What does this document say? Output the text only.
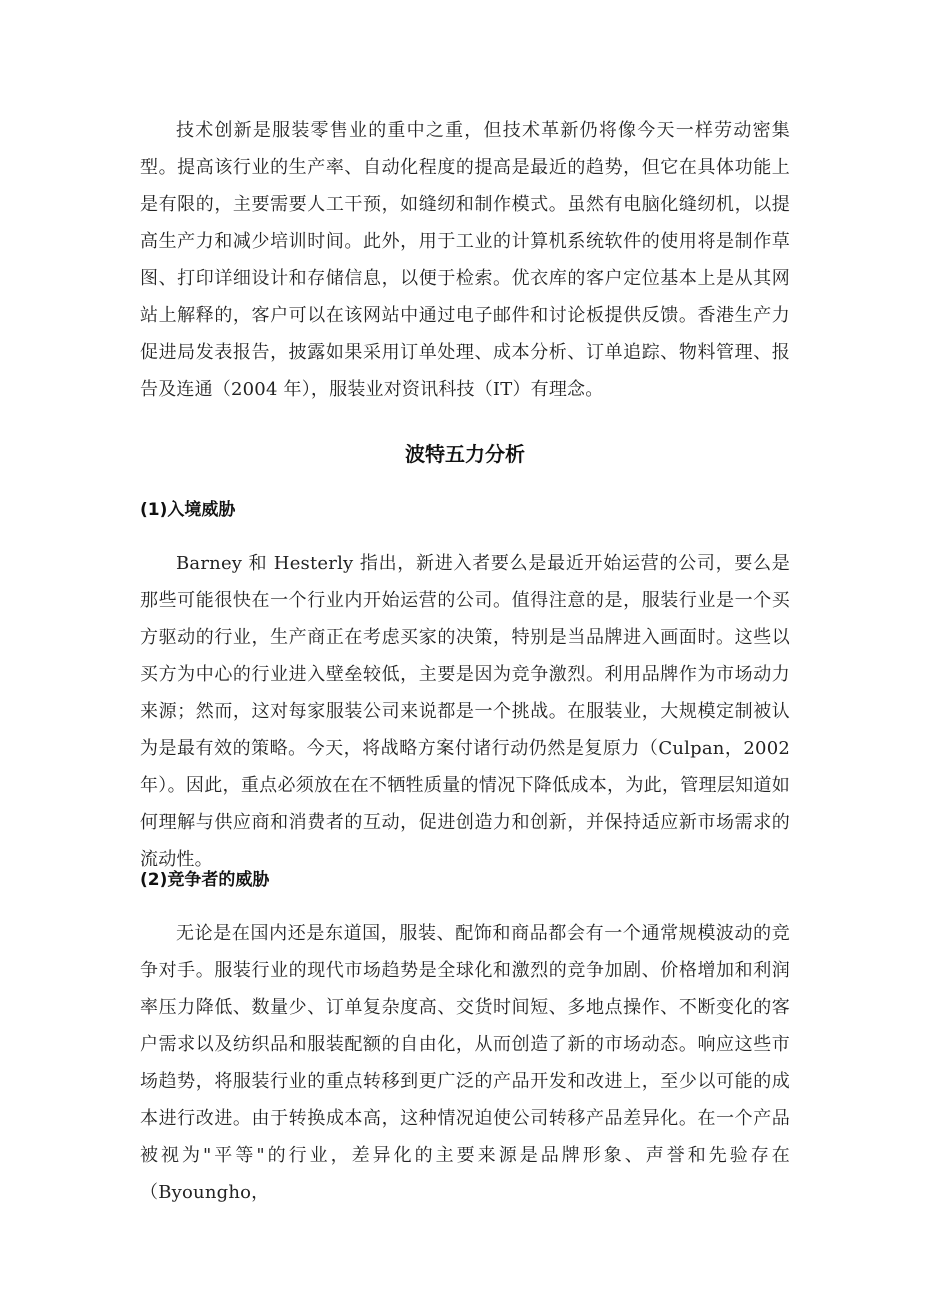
技术创新是服装零售业的重中之重，但技术革新仍将像今天一样劳动密集型。提高该行业的生产率、自动化程度的提高是最近的趋势，但它在具体功能上是有限的，主要需要人工干预，如缝纫和制作模式。虽然有电脑化缝纫机，以提高生产力和减少培训时间。此外，用于工业的计算机系统软件的使用将是制作草图、打印详细设计和存储信息，以便于检索。优衣库的客户定位基本上是从其网站上解释的，客户可以在该网站中通过电子邮件和讨论板提供反馈。香港生产力促进局发表报告，披露如果采用订单处理、成本分析、订单追踪、物料管理、报告及连通（2004 年），服装业对资讯科技（IT）有理念。

波特五力分析
(1)入境威胁

Barney 和 Hesterly 指出，新进入者要么是最近开始运营的公司，要么是那些可能很快在一个行业内开始运营的公司。值得注意的是，服装行业是一个买方驱动的行业，生产商正在考虑买家的决策，特别是当品牌进入画面时。这些以买方为中心的行业进入壁垒较低，主要是因为竞争激烈。利用品牌作为市场动力来源；然而，这对每家服装公司来说都是一个挑战。在服装业，大规模定制被认为是最有效的策略。今天，将战略方案付诸行动仍然是复原力（Culpan，2002 年）。因此，重点必须放在在不牺牲质量的情况下降低成本，为此，管理层知道如何理解与供应商和消费者的互动，促进创造力和创新，并保持适应新市场需求的流动性。

(2)竞争者的威胁

无论是在国内还是东道国，服装、配饰和商品都会有一个通常规模波动的竞争对手。服装行业的现代市场趋势是全球化和激烈的竞争加剧、价格增加和利润率压力降低、数量少、订单复杂度高、交货时间短、多地点操作、不断变化的客户需求以及纺织品和服装配额的自由化，从而创造了新的市场动态。响应这些市场趋势，将服装行业的重点转移到更广泛的产品开发和改进上，至少以可能的成本进行改进。由于转换成本高，这种情况迫使公司转移产品差异化。在一个产品被视为"平等"的行业，差异化的主要来源是品牌形象、声誉和先验存在（Byoungho，
